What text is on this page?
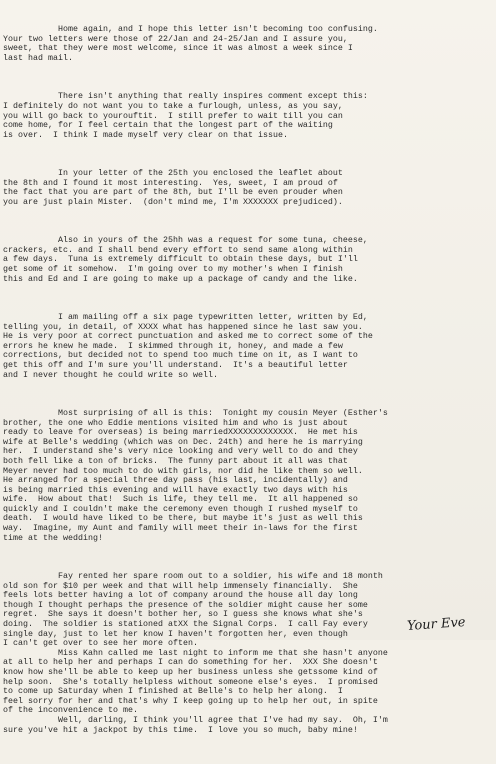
Home again, and I hope this letter isn't becoming too confusing.
Your two letters were those of 22/Jan and 24-25/Jan and I assure you,
sweet, that they were most welcome, since it was almost a week since I
last had mail.

There isn't anything that really inspires comment except this:
I definitely do not want you to take a furlough, unless, as you say,
you will go back to yourouftit.  I still prefer to wait till you can
come home, for I feel certain that the longest part of the waiting
is over.  I think I made myself very clear on that issue.

In your letter of the 25th you enclosed the leaflet about
the 8th and I found it most interesting.  Yes, sweet, I am proud of
the fact that you are part of the 8th, but I'll be even prouder when
you are just plain Mister.  (don't mind me, I'm XXXXXXX prejudiced).

Also in yours of the 25hh was a request for some tuna, cheese,
crackers, etc. and I shall bend every effort to send same along within
a few days.  Tuna is extremely difficult to obtain these days, but I'll
get some of it somehow.  I'm going over to my mother's when I finish
this and Ed and I are going to make up a package of candy and the like.

I am mailing off a six page typewritten letter, written by Ed,
telling you, in detail, of XXXX what has happened since he last saw you.
He is very poor at correct punctuation and asked me to correct some of the
errors he knew he made.  I skimmed through it, honey, and made a few
corrections, but decided not to spend too much time on it, as I want to
get this off and I'm sure you'll understand.  It's a beautiful letter
and I never thought he could write so well.

Most surprising of all is this:  Tonight my cousin Meyer (Esther's
brother, the one who Eddie mentions visited him and who is just about
ready to leave for overseas) is being marriedXXXXXXXXXXXXX.  He met his
wife at Belle's wedding (which was on Dec. 24th) and here he is marrying
her.  I understand she's very nice looking and very well to do and they
both fell like a ton of bricks.  The funny part about it all was that
Meyer never had too much to do with girls, nor did he like them so well.
He arranged for a special three day pass (his last, incidentally) and
is being married this evening and will have exactly two days with his
wife.  How about that!  Such is life, they tell me.  It all happened so
quickly and I couldn't make the ceremony even though I rushed myself to
death.  I would have liked to be there, but maybe it's just as well this
way.  Imagine, my Aunt and family will meet their in-laws for the first
time at the wedding!

Fay rented her spare room out to a soldier, his wife and 18 month
old son for $10 per week and that will help immensely financially.  She
feels lots better having a lot of company around the house all day long
though I thought perhaps the presence of the soldier might cause her some
regret.  She says it doesn't bother her, so I guess she knows what she's
doing.  The soldier is stationed atXX the Signal Corps.  I call Fay every
single day, just to let her know I haven't forgotten her, even though
I can't get over to see her more often.
Miss Kahn called me last night to inform me that she hasn't anyone
at all to help her and perhaps I can do something for her.  XXX She doesn't
know how she'll be able to keep up her business unless she getssome kind of
help soon.  She's totally helpless without someone else's eyes.  I promised
to come up Saturday when I finished at Belle's to help her along.  I
feel sorry for her and that's why I keep going up to help her out, in spite
of the inconvenience to me.
Well, darling, I think you'll agree that I've had my say.  Oh, I'm
sure you've hit a jackpot by this time.  I love you so much, baby mine!

Your Eve
